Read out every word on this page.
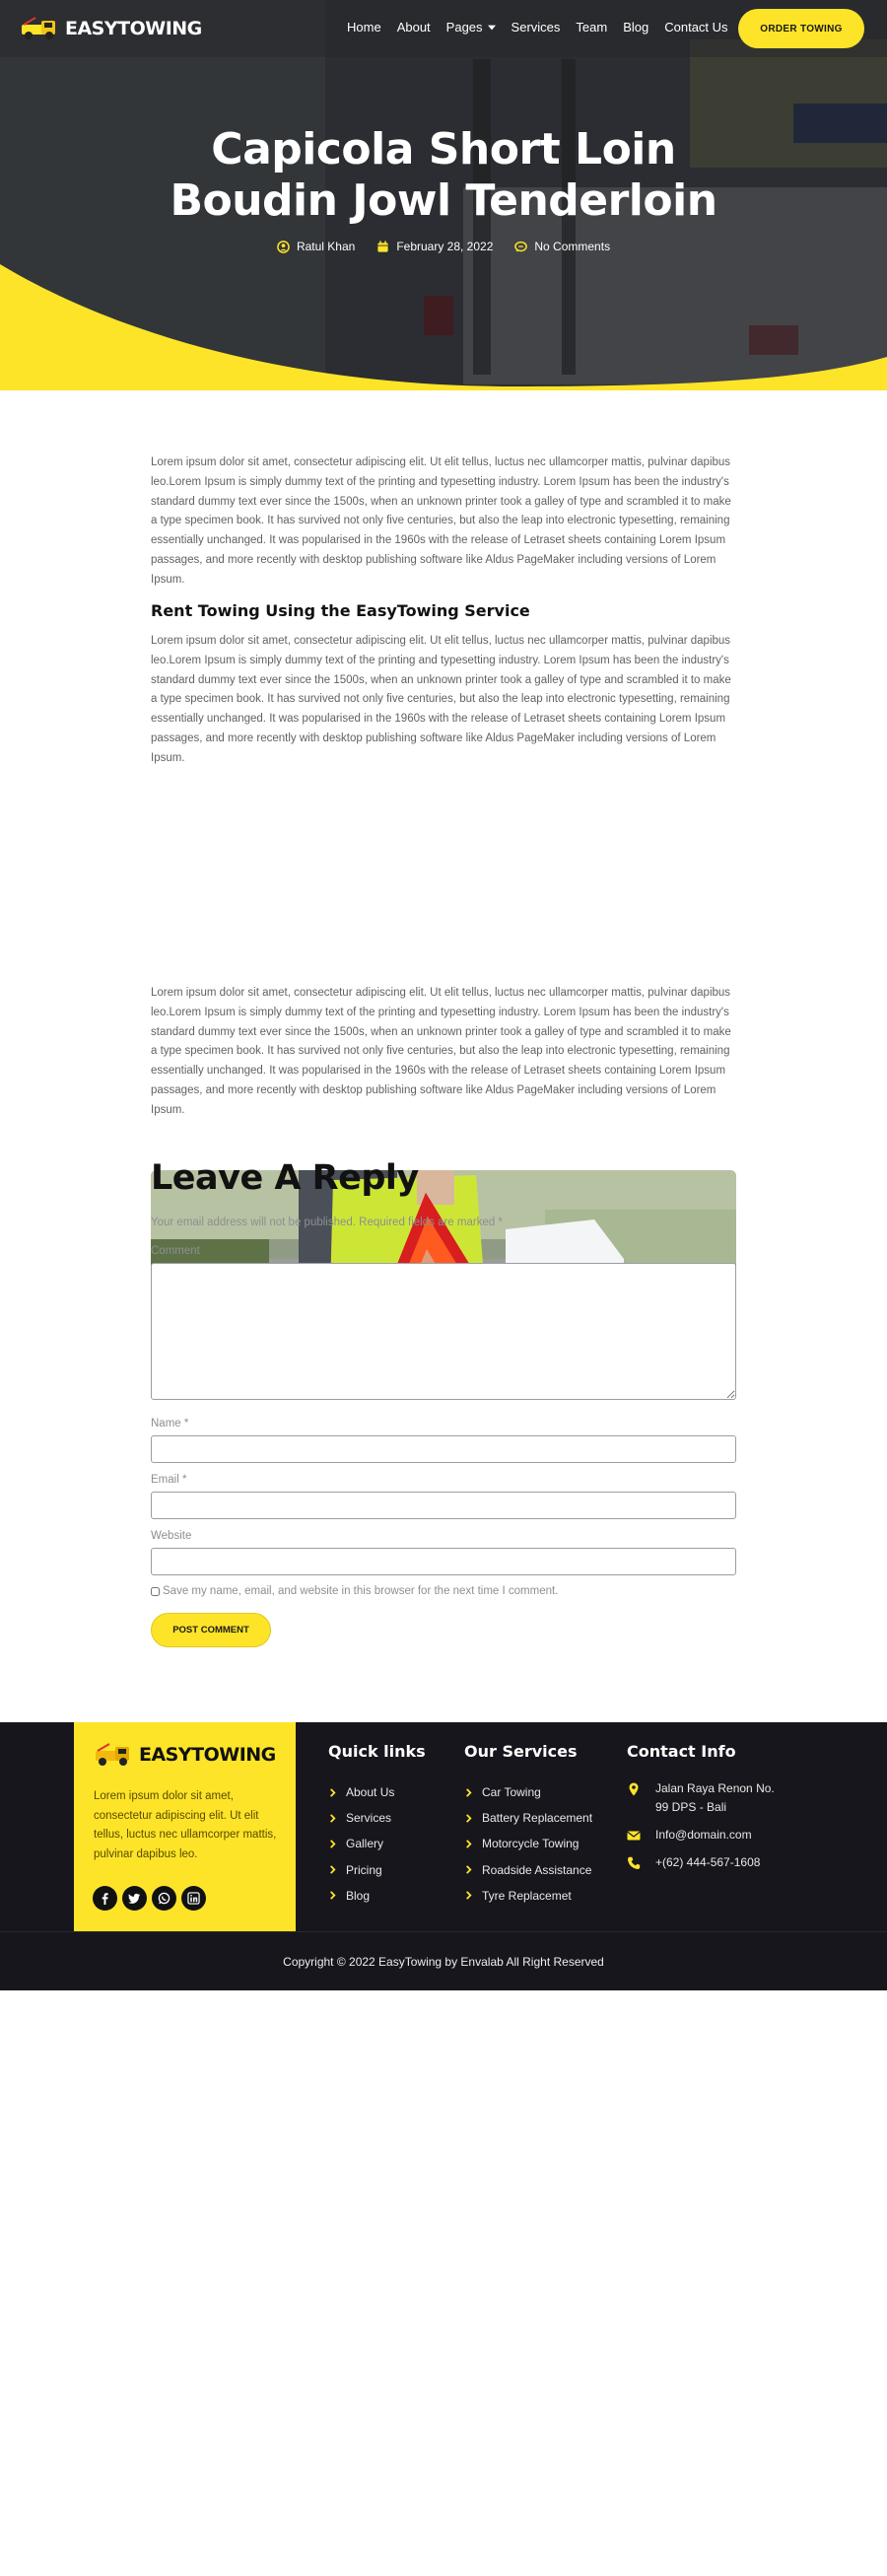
EASYTOWING	Home About Pages Services Team Blog Contact Us	ORDER TOWING
Capicola Short Loin
Boudin Jowl Tenderloin
Ratul Khan	February 28, 2022	No Comments

Lorem ipsum dolor sit amet, consectetur adipiscing elit. Ut elit tellus, luctus nec ullamcorper mattis, pulvinar dapibus leo.Lorem Ipsum is simply dummy text of the printing and typesetting industry. Lorem Ipsum has been the industry's standard dummy text ever since the 1500s, when an unknown printer took a galley of type and scrambled it to make a type specimen book. It has survived not only five centuries, but also the leap into electronic typesetting, remaining essentially unchanged. It was popularised in the 1960s with the release of Letraset sheets containing Lorem Ipsum passages, and more recently with desktop publishing software like Aldus PageMaker including versions of Lorem Ipsum.

Rent Towing Using the EasyTowing Service

Lorem ipsum dolor sit amet, consectetur adipiscing elit. Ut elit tellus, luctus nec ullamcorper mattis, pulvinar dapibus leo.Lorem Ipsum is simply dummy text of the printing and typesetting industry. Lorem Ipsum has been the industry's standard dummy text ever since the 1500s, when an unknown printer took a galley of type and scrambled it to make a type specimen book. It has survived not only five centuries, but also the leap into electronic typesetting, remaining essentially unchanged. It was popularised in the 1960s with the release of Letraset sheets containing Lorem Ipsum passages, and more recently with desktop publishing software like Aldus PageMaker including versions of Lorem Ipsum.

Lorem ipsum dolor sit amet, consectetur adipiscing elit. Ut elit tellus, luctus nec ullamcorper mattis, pulvinar dapibus leo.Lorem Ipsum is simply dummy text of the printing and typesetting industry. Lorem Ipsum has been the industry's standard dummy text ever since the 1500s, when an unknown printer took a galley of type and scrambled it to make a type specimen book. It has survived not only five centuries, but also the leap into electronic typesetting, remaining essentially unchanged. It was popularised in the 1960s with the release of Letraset sheets containing Lorem Ipsum passages, and more recently with desktop publishing software like Aldus PageMaker including versions of Lorem Ipsum.

Leave A Reply

Your email address will not be published. Required fields are marked *

Comment
Name *
Email *
Website
Save my name, email, and website in this browser for the next time I comment.
POST COMMENT
EASYTOWING

Lorem ipsum dolor sit amet, consectetur adipiscing elit. Ut elit tellus, luctus nec ullamcorper mattis, pulvinar dapibus leo.

Quick links
About Us
Services
Gallery
Pricing
Blog
Our Services
Car Towing
Battery Replacement
Motorcycle Towing
Roadside Assistance
Tyre Replacemet
Contact Info
Jalan Raya Renon No.
99 DPS - Bali
Info@domain.com
+(62) 444-567-1608
Copyright © 2022 EasyTowing by Envalab All Right Reserved
